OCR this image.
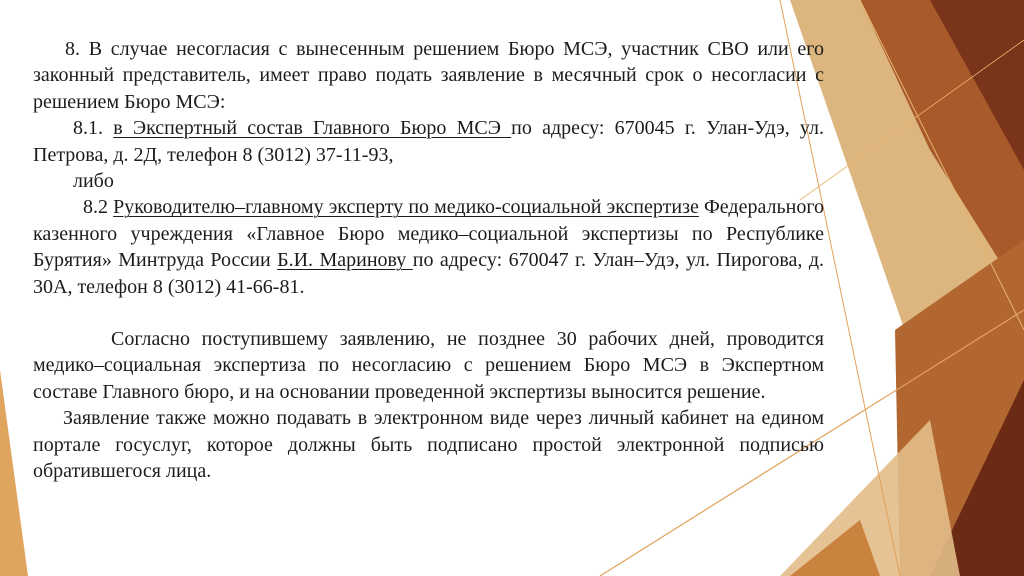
8. В случае несогласия с вынесенным решением Бюро МСЭ, участник СВО или его законный представитель, имеет право подать заявление в месячный срок о несогласии с решением Бюро МСЭ:

8.1. в Экспертный состав Главного Бюро МСЭ по адресу: 670045 г. Улан-Удэ, ул. Петрова, д. 2Д, телефон 8 (3012) 37-11-93,

либо

8.2 Руководителю–главному эксперту по медико-социальной экспертизе Федерального казенного учреждения «Главное Бюро медико–социальной экспертизы по Республике Бурятия» Минтруда России Б.И. Маринову по адресу: 670047 г. Улан–Удэ, ул. Пирогова, д. 30А, телефон 8 (3012) 41-66-81.

Согласно поступившему заявлению, не позднее 30 рабочих дней, проводится медико–социальная экспертиза по несогласию с решением Бюро МСЭ в Экспертном составе Главного бюро, и на основании проведенной экспертизы выносится решение.

Заявление также можно подавать в электронном виде через личный кабинет на едином портале госуслуг, которое должны быть подписано простой электронной подписью обратившегося лица.
